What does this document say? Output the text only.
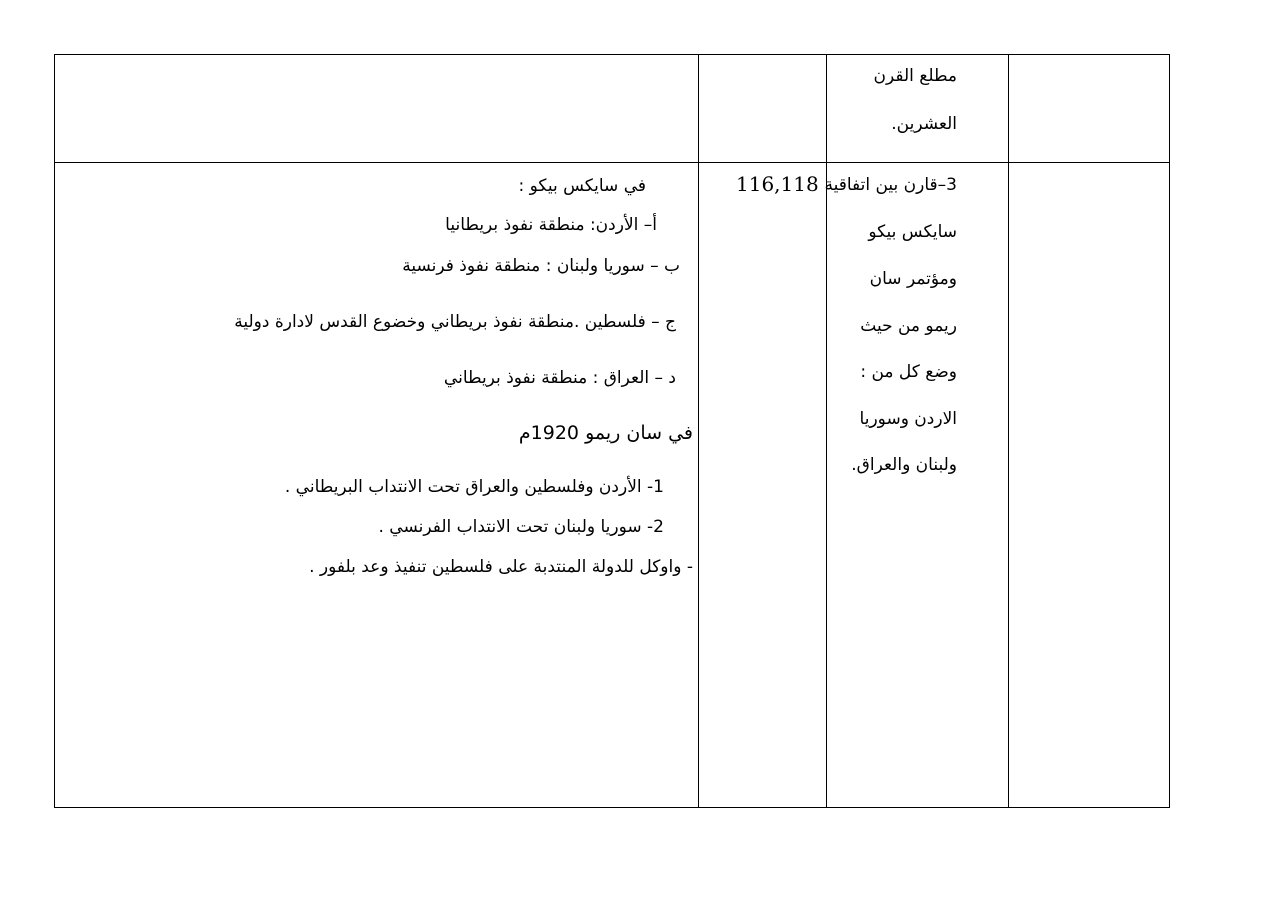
مطلع القرن
العشرين.
3–قارن بين اتفاقية
سايكس بيكو
ومؤتمر سان
ريمو من حيث
وضع كل من :
الاردن وسوريا
ولبنان والعراق.
116,118
في سايكس بيكو :
أ– الأردن: منطقة نفوذ بريطانيا
ب – سوريا ولبنان : منطقة نفوذ فرنسية
ج – فلسطين .منطقة نفوذ بريطاني وخضوع القدس لادارة دولية
د – العراق : منطقة نفوذ بريطاني
في سان ريمو 1920م
1- الأردن وفلسطين والعراق تحت الانتداب البريطاني .
2- سوريا ولبنان تحت الانتداب الفرنسي .
- واوكل للدولة المنتدبة على فلسطين تنفيذ وعد بلفور .
